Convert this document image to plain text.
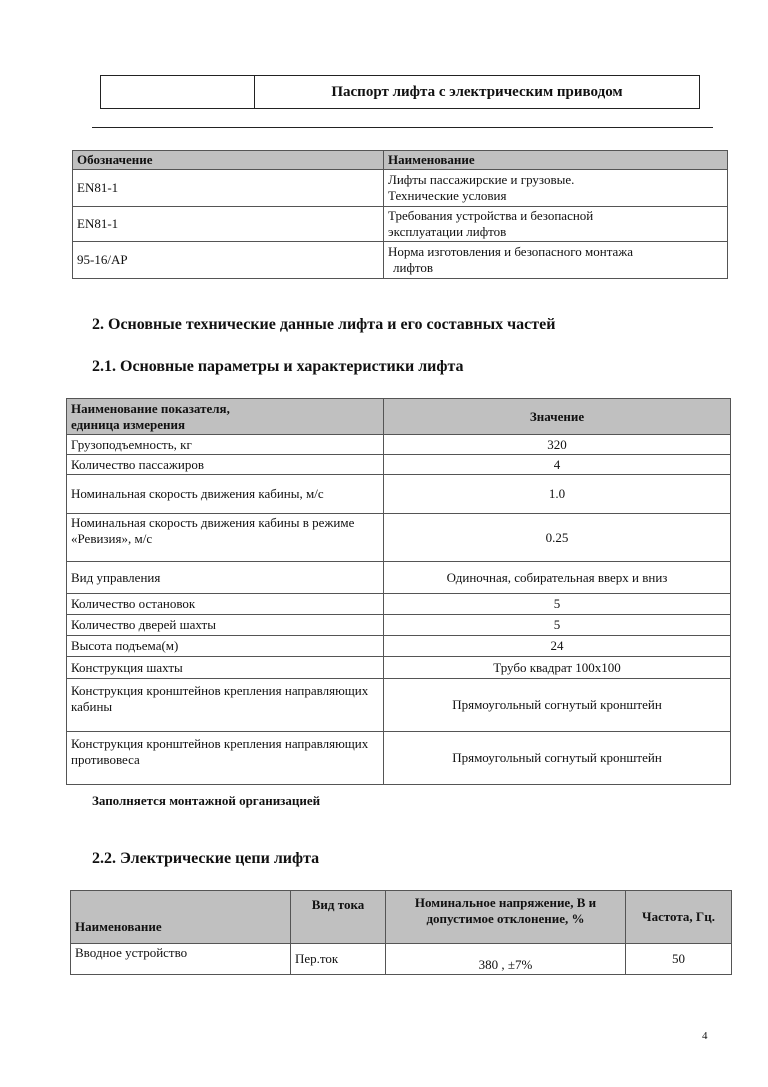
	Паспорт лифта с электрическим приводом
Обозначение	Наименование
EN81-1	Лифты пассажирские и грузовые.
Технические условия

EN81-1	Требования устройства и безопасной
эксплуатации лифтов

95-16/AP	Норма изготовления и безопасного монтажа
лифтов
2. Основные технические данные лифта и его составных частей
2.1. Основные параметры и характеристики лифта
Наименование показателя,
единица измерения	Значение
Грузоподъемность, кг	320
Количество пассажиров	4
Номинальная скорость движения кабины, м/с	1.0
Номинальная скорость движения кабины в режиме «Ревизия», м/с	0.25
Вид управления	Одиночная, собирательная вверх и вниз
Количество остановок	5
Количество дверей шахты	5
Высота подъема(м)	24
Конструкция шахты	Трубо квадрат 100х100
Конструкция кронштейнов крепления направляющих кабины	Прямоугольный согнутый кронштейн
Конструкция кронштейнов крепления направляющих противовеса	Прямоугольный согнутый кронштейн
Заполняется монтажной организацией
2.2. Электрические цепи лифта
Наименование	Вид тока	Номинальное напряжение, В и допустимое отклонение, %	Частота, Гц.
Вводное устройство	Пер.ток	380 , ±7%	50
4
